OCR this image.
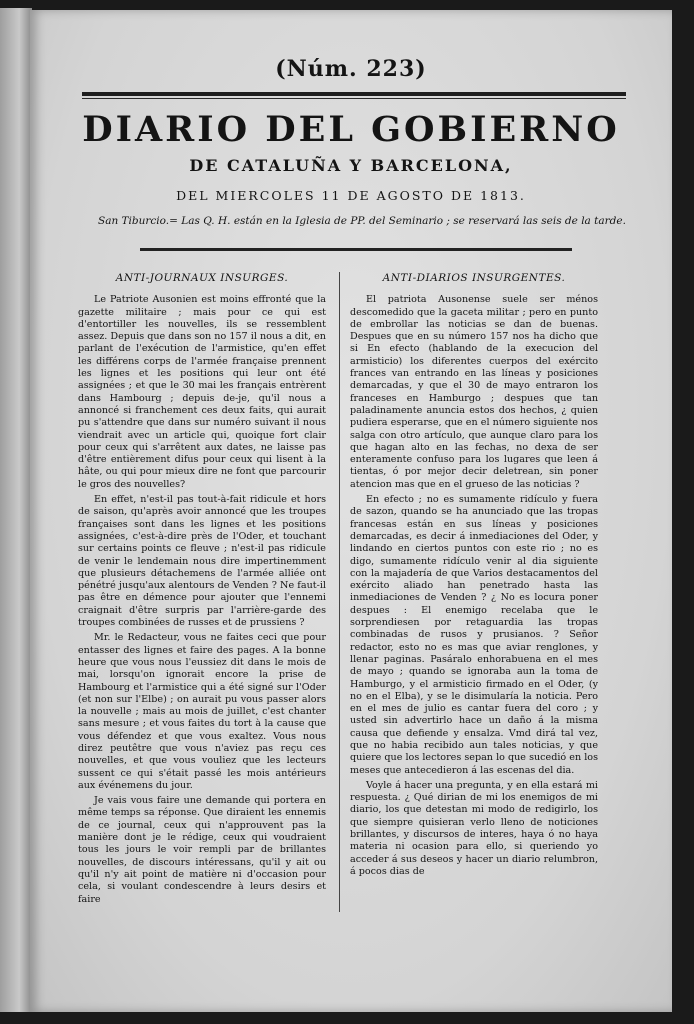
(Núm. 223)
DIARIO DEL GOBIERNO
DE CATALUÑA Y BARCELONA,
DEL MIERCOLES 11 DE AGOSTO DE 1813.
San Tiburcio.= Las Q. H. están en la Iglesia de PP. del Seminario ; se reservará las seis de la tarde.
ANTI-JOURNAUX INSURGES.

Le Patriote Ausonien est moins effronté que la gazette militaire ; mais pour ce qui est d'entortiller les nouvelles, ils se ressemblent assez. Depuis que dans son no 157 il nous a dit, en parlant de l'exécution de l'armistice, qu'en effet les différens corps de l'armée française prennent les lignes et les positions qui leur ont été assignées ; et que le 30 mai les français entrèrent dans Hambourg ; depuis de-je, qu'il nous a annoncé si franchement ces deux faits, qui aurait pu s'attendre que dans sur numéro suivant il nous viendrait avec un article qui, quoique fort clair pour ceux qui s'arrêtent aux dates, ne laisse pas d'être entièrement difus pour ceux qui lisent à la hâte, ou qui pour mieux dire ne font que parcourir le gros des nouvelles?

En effet, n'est-il pas tout-à-fait ridicule et hors de saison, qu'après avoir annoncé que les troupes françaises sont dans les lignes et les positions assignées, c'est-à-dire près de l'Oder, et touchant sur certains points ce fleuve ; n'est-il pas ridicule de venir le lendemain nous dire impertinemment que plusieurs détachemens de l'armée alliée ont pénétré jusqu'aux alentours de Venden ? Ne faut-il pas être en démence pour ajouter que l'ennemi craignait d'être surpris par l'arrière-garde des troupes combinées de russes et de prussiens ?

Mr. le Redacteur, vous ne faites ceci que pour entasser des lignes et faire des pages. A la bonne heure que vous nous l'eussiez dit dans le mois de mai, lorsqu'on ignorait encore la prise de Hambourg et l'armistice qui a été signé sur l'Oder (et non sur l'Elbe) ; on aurait pu vous passer alors la nouvelle ; mais au mois de juillet, c'est chanter sans mesure ; et vous faites du tort à la cause que vous défendez et que vous exaltez. Vous nous direz peutêtre que vous n'aviez pas reçu ces nouvelles, et que vous vouliez que les lecteurs sussent ce qui s'était passé les mois antérieurs aux événemens du jour.

Je vais vous faire une demande qui portera en même temps sa réponse. Que diraient les ennemis de ce journal, ceux qui n'approuvent pas la manière dont je le rédige, ceux qui voudraient tous les jours le voir rempli par de brillantes nouvelles, de discours intéressans, qu'il y ait ou qu'il n'y ait point de matière ni d'occasion pour cela, si voulant condescendre à leurs desirs et faire

ANTI-DIARIOS INSURGENTES.

El patriota Ausonense suele ser ménos descomedido que la gaceta militar ; pero en punto de embrollar las noticias se dan de buenas. Despues que en su número 157 nos ha dicho que si En efecto (hablando de la execucion del armisticio) los diferentes cuerpos del exército frances van entrando en las líneas y posiciones demarcadas, y que el 30 de mayo entraron los franceses en Hamburgo ; despues que tan paladinamente anuncia estos dos hechos, ¿ quien pudiera esperarse, que en el número siguiente nos salga con otro artículo, que aunque claro para los que hagan alto en las fechas, no dexa de ser enteramente confuso para los lugares que leen á tientas, ó por mejor decir deletrean, sin poner atencion mas que en el grueso de las noticias ?

En efecto ; no es sumamente ridículo y fuera de sazon, quando se ha anunciado que las tropas francesas están en sus líneas y posiciones demarcadas, es decir á inmediaciones del Oder, y lindando en ciertos puntos con este rio ; no es digo, sumamente ridículo venir al dia siguiente con la majadería de que Varios destacamentos del exército aliado han penetrado hasta las inmediaciones de Venden ? ¿ No es locura poner despues : El enemigo recelaba que le sorprendiesen por retaguardia las tropas combinadas de rusos y prusianos. ? Señor redactor, esto no es mas que aviar renglones, y llenar paginas. Pasáralo enhorabuena en el mes de mayo ; quando se ignoraba aun la toma de Hamburgo, y el armisticio firmado en el Oder, (y no en el Elba), y se le disimularía la noticia. Pero en el mes de julio es cantar fuera del coro ; y usted sin advertirlo hace un daño á la misma causa que defiende y ensalza. Vmd dirá tal vez, que no habia recibido aun tales noticias, y que quiere que los lectores sepan lo que sucedió en los meses que antecedieron á las escenas del dia.

Voyle á hacer una pregunta, y en ella estará mi respuesta. ¿ Qué dirian de mi los enemigos de mi diario, los que detestan mi modo de redigirlo, los que siempre quisieran verlo lleno de noticiones brillantes, y discursos de interes, haya ó no haya materia ni ocasion para ello, si queriendo yo acceder á sus deseos y hacer un diario relumbron, á pocos dias de
